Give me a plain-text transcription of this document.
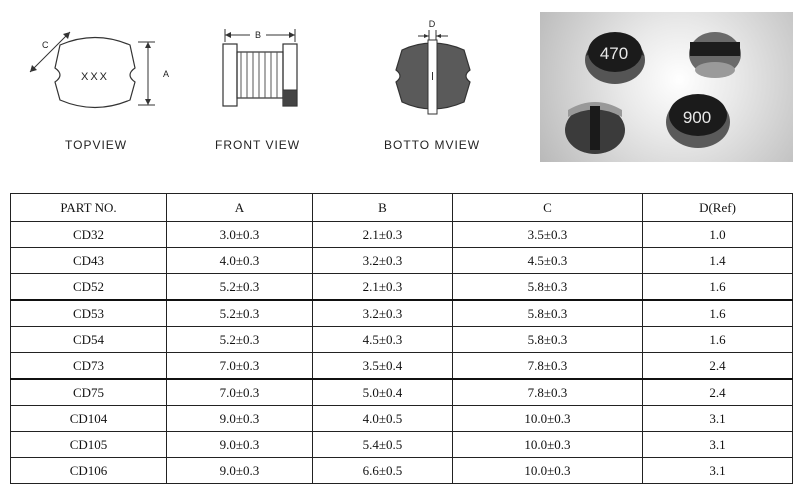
XXX	A
C
TOPVIEW
B
FRONT VIEW
D
BOTTO MVIEW
470
900
PART NO.	A	B	C	D(Ref)
CD32	3.0±0.3	2.1±0.3	3.5±0.3	1.0
CD43	4.0±0.3	3.2±0.3	4.5±0.3	1.4
CD52	5.2±0.3	2.1±0.3	5.8±0.3	1.6
CD53	5.2±0.3	3.2±0.3	5.8±0.3	1.6
CD54	5.2±0.3	4.5±0.3	5.8±0.3	1.6
CD73	7.0±0.3	3.5±0.4	7.8±0.3	2.4
CD75	7.0±0.3	5.0±0.4	7.8±0.3	2.4
CD104	9.0±0.3	4.0±0.5	10.0±0.3	3.1
CD105	9.0±0.3	5.4±0.5	10.0±0.3	3.1
CD106	9.0±0.3	6.6±0.5	10.0±0.3	3.1
